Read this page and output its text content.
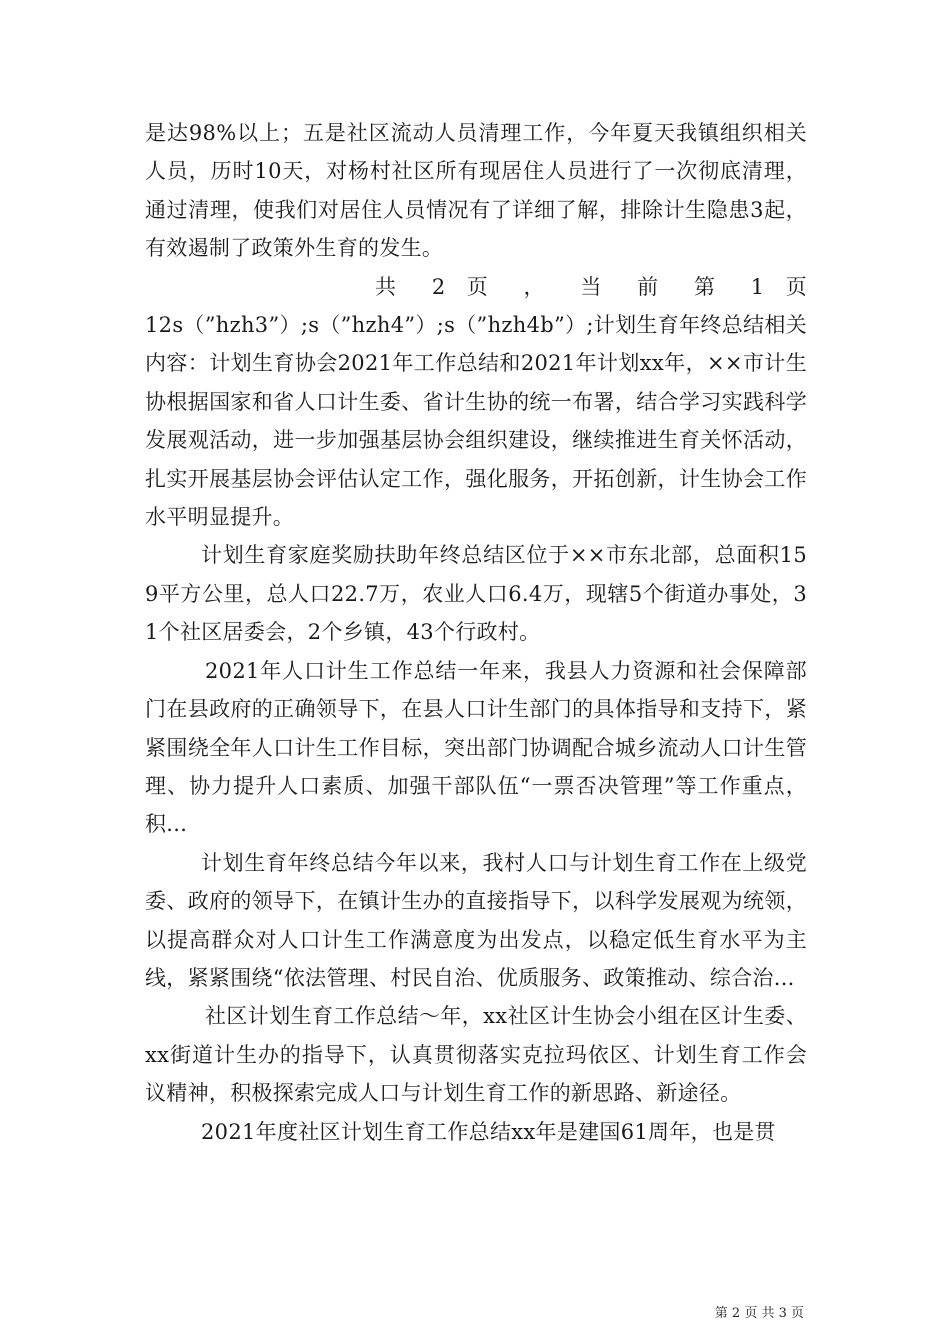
是达98%以上；五是社区流动人员清理工作，今年夏天我镇组织相关人员，历时10天，对杨村社区所有现居住人员进行了一次彻底清理，通过清理，使我们对居住人员情况有了详细了解，排除计生隐患3起，有效遏制了政策外生育的发生。

共 2 页 ， 当 前 第 1 页

12s（”hzh3”）;s（”hzh4”）;s（”hzh4b”）;计划生育年终总结相关内容：计划生育协会2021年工作总结和2021年计划xx年，××市计生协根据国家和省人口计生委、省计生协的统一布署，结合学习实践科学发展观活动，进一步加强基层协会组织建设，继续推进生育关怀活动，扎实开展基层协会评估认定工作，强化服务，开拓创新，计生协会工作水平明显提升。

计划生育家庭奖励扶助年终总结区位于××市东北部，总面积159平方公里，总人口22.7万，农业人口6.4万，现辖5个街道办事处，31个社区居委会，2个乡镇，43个行政村。

2021年人口计生工作总结一年来，我县人力资源和社会保障部门在县政府的正确领导下，在县人口计生部门的具体指导和支持下，紧紧围绕全年人口计生工作目标，突出部门协调配合城乡流动人口计生管理、协力提升人口素质、加强干部队伍“一票否决管理”等工作重点，积...

计划生育年终总结今年以来，我村人口与计划生育工作在上级党委、政府的领导下，在镇计生办的直接指导下，以科学发展观为统领，以提高群众对人口计生工作满意度为出发点，以稳定低生育水平为主线，紧紧围绕“依法管理、村民自治、优质服务、政策推动、综合治...

社区计划生育工作总结～年，xx社区计生协会小组在区计生委、xx街道计生办的指导下，认真贯彻落实克拉玛依区、计划生育工作会议精神，积极探索完成人口与计划生育工作的新思路、新途径。

2021年度社区计划生育工作总结xx年是建国61周年，也是贯

第 2 页 共 3 页
